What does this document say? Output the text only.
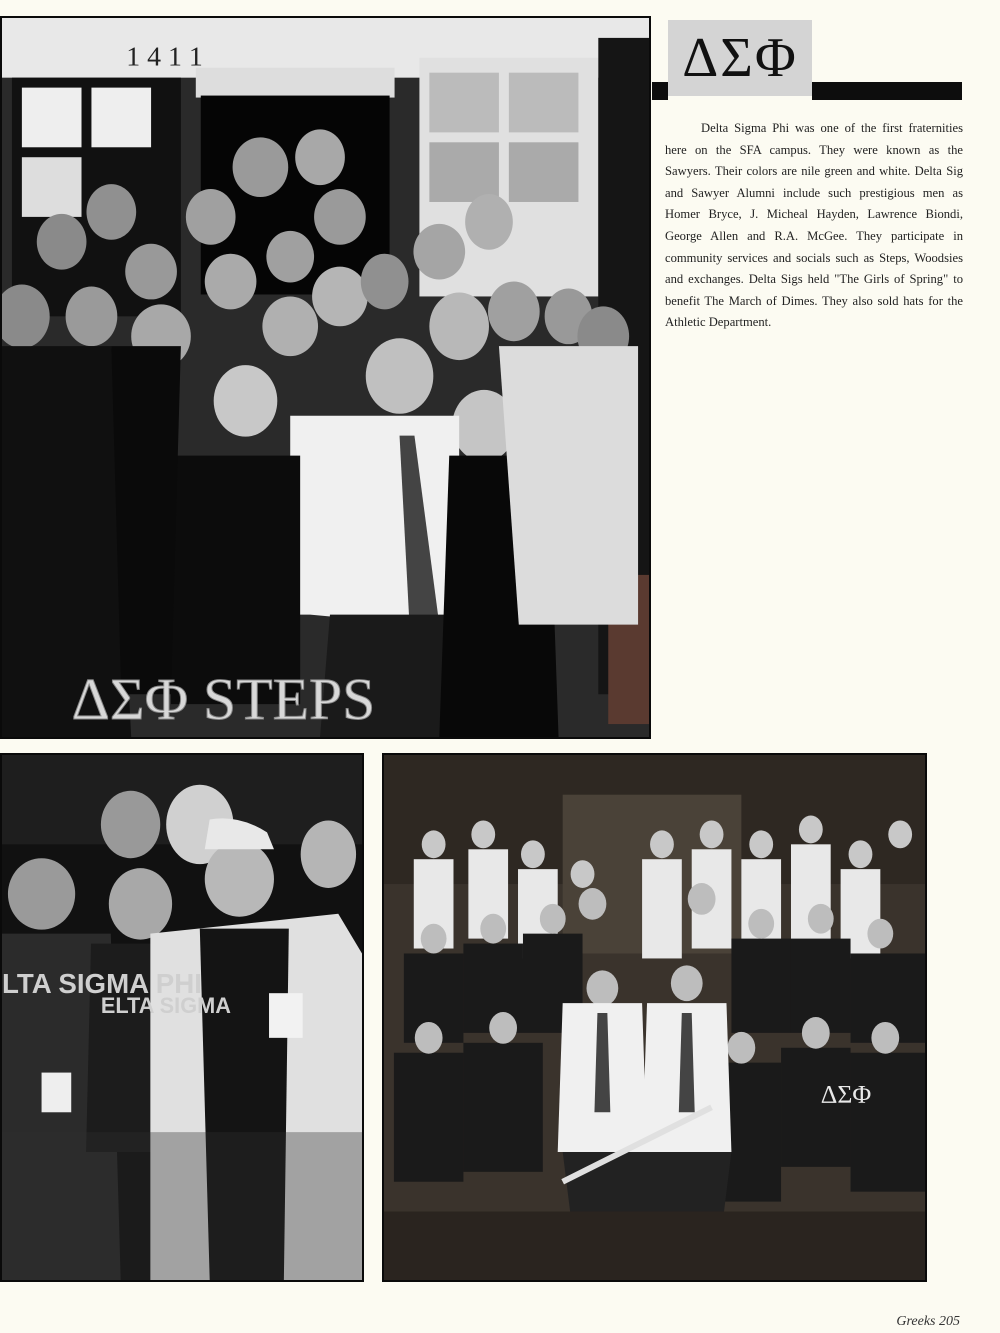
1 4 1 1
ΔΣΦ STEPS
ΔΣΦ

Delta Sigma Phi was one of the first fraternities here on the SFA campus. They were known as the Sawyers. Their colors are nile green and white. Delta Sig and Sawyer Alumni include such prestigious men as Homer Bryce, J. Micheal Hayden, Lawrence Biondi, George Allen and R.A. McGee. They participate in community services and socials such as Steps, Woodsies and exchanges. Delta Sigs held "The Girls of Spring" to benefit The March of Dimes. They also sold hats for the Athletic Department.

LTA SIGMA PHI
ELTA SIGMA
ΔΣΦ
Greeks 205
